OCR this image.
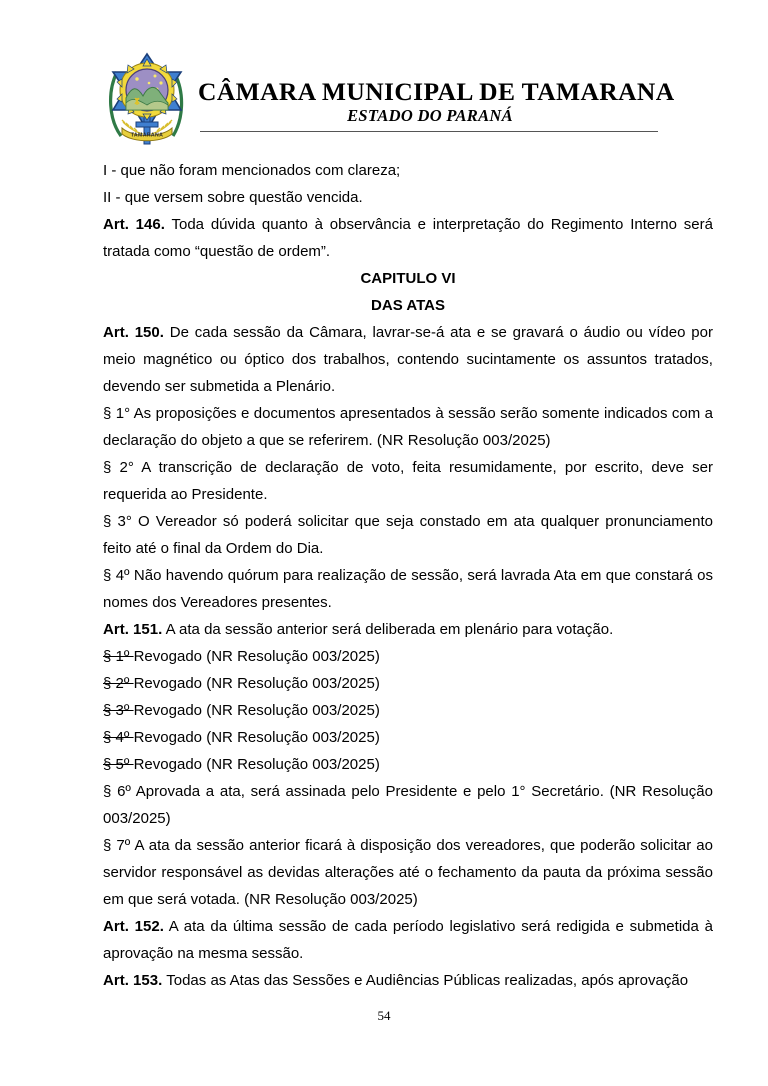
TAMARANA
CÂMARA MUNICIPAL DE TAMARANA
ESTADO DO PARANÁ

I - que não foram mencionados com clareza;

II - que versem sobre questão vencida.

Art. 146. Toda dúvida quanto à observância e interpretação do Regimento Interno será tratada como “questão de ordem”.

CAPITULO VI

DAS ATAS

Art. 150. De cada sessão da Câmara, lavrar-se-á ata e se gravará o áudio ou vídeo por meio magnético ou óptico dos trabalhos, contendo sucintamente os assuntos tratados, devendo ser submetida a Plenário.

§ 1° As proposições e documentos apresentados à sessão serão somente indicados com a declaração do objeto a que se referirem. (NR Resolução 003/2025)

§ 2° A transcrição de declaração de voto, feita resumidamente, por escrito, deve ser requerida ao Presidente.

§ 3° O Vereador só poderá solicitar que seja constado em ata qualquer pronunciamento feito até o final da Ordem do Dia.

§ 4º Não havendo quórum para realização de sessão, será lavrada Ata em que constará os nomes dos Vereadores presentes.

Art. 151. A ata da sessão anterior será deliberada em plenário para votação.

§ 1º Revogado (NR Resolução 003/2025)

§ 2º Revogado (NR Resolução 003/2025)

§ 3º Revogado (NR Resolução 003/2025)

§ 4º Revogado (NR Resolução 003/2025)

§ 5º Revogado (NR Resolução 003/2025)

§ 6º Aprovada a ata, será assinada pelo Presidente e pelo 1° Secretário. (NR Resolução 003/2025)

§ 7º A ata da sessão anterior ficará à disposição dos vereadores, que poderão solicitar ao servidor responsável as devidas alterações até o fechamento da pauta da próxima sessão em que será votada. (NR Resolução 003/2025)

Art. 152. A ata da última sessão de cada período legislativo será redigida e submetida à aprovação na mesma sessão.

Art. 153. Todas as Atas das Sessões e Audiências Públicas realizadas, após aprovação

54
